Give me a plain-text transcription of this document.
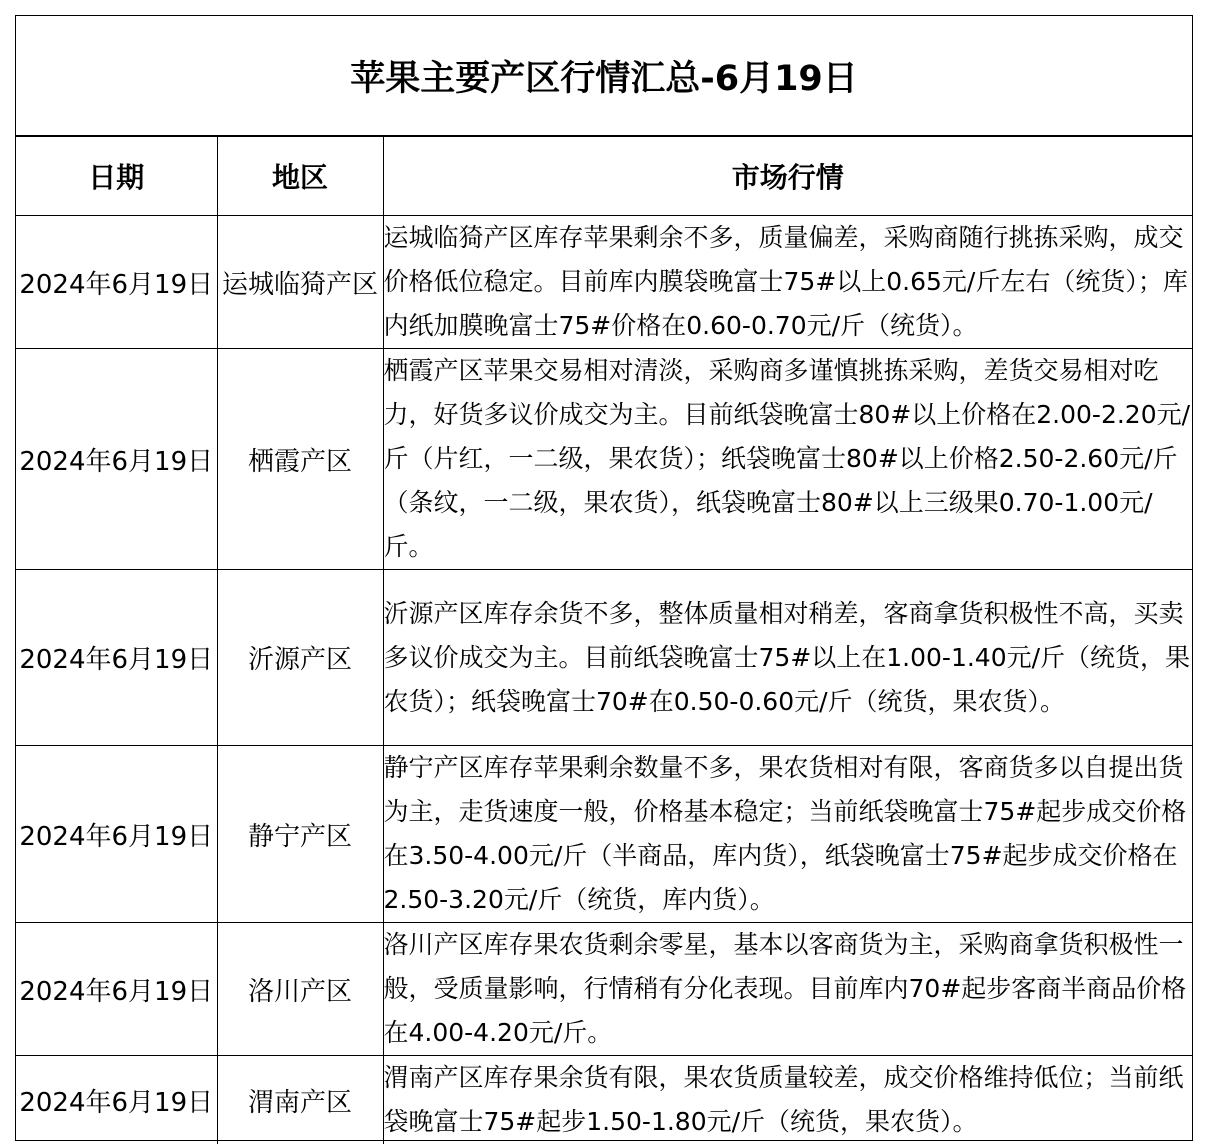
苹果主要产区行情汇总-6月19日
日期	地区	市场行情
2024年6月19日	运城临猗产区	运城临猗产区库存苹果剩余不多，质量偏差，采购商随行挑拣采购，成交价格低位稳定。目前库内膜袋晚富士75#以上0.65元/斤左右（统货）；库内纸加膜晚富士75#价格在0.60-0.70元/斤（统货）。
2024年6月19日	栖霞产区	栖霞产区苹果交易相对清淡，采购商多谨慎挑拣采购，差货交易相对吃力，好货多议价成交为主。目前纸袋晚富士80#以上价格在2.00-2.20元/斤（片红，一二级，果农货）；纸袋晚富士80#以上价格2.50-2.60元/斤（条纹，一二级，果农货），纸袋晚富士80#以上三级果0.70-1.00元/斤。
2024年6月19日	沂源产区	沂源产区库存余货不多，整体质量相对稍差，客商拿货积极性不高，买卖多议价成交为主。目前纸袋晚富士75#以上在1.00-1.40元/斤（统货，果农货）；纸袋晚富士70#在0.50-0.60元/斤（统货，果农货）。
2024年6月19日	静宁产区	静宁产区库存苹果剩余数量不多，果农货相对有限，客商货多以自提出货为主，走货速度一般，价格基本稳定；当前纸袋晚富士75#起步成交价格在3.50-4.00元/斤（半商品，库内货），纸袋晚富士75#起步成交价格在2.50-3.20元/斤（统货，库内货）。
2024年6月19日	洛川产区	洛川产区库存果农货剩余零星，基本以客商货为主，采购商拿货积极性一般，受质量影响，行情稍有分化表现。目前库内70#起步客商半商品价格在4.00-4.20元/斤。
2024年6月19日	渭南产区	渭南产区库存果余货有限，果农货质量较差，成交价格维持低位；当前纸袋晚富士75#起步1.50-1.80元/斤（统货，果农货）。
